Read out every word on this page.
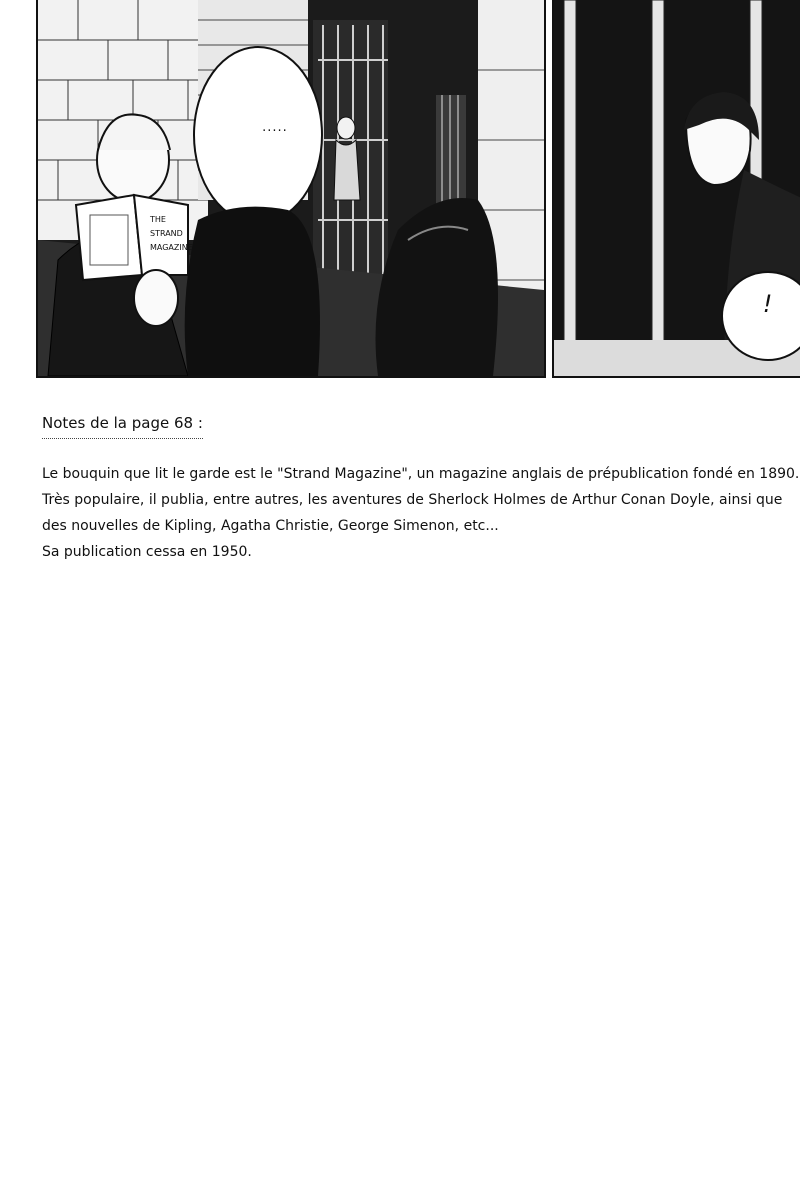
THE
STRAND
MAGAZINE
.....
!
Notes de la page 68 :
Le bouquin que lit le garde est le "Strand Magazine", un magazine anglais de prépublication fondé en 1890.
Très populaire, il publia, entre autres, les aventures de Sherlock Holmes de Arthur Conan Doyle, ainsi que
des nouvelles de Kipling, Agatha Christie, George Simenon, etc...
Sa publication cessa en 1950.
